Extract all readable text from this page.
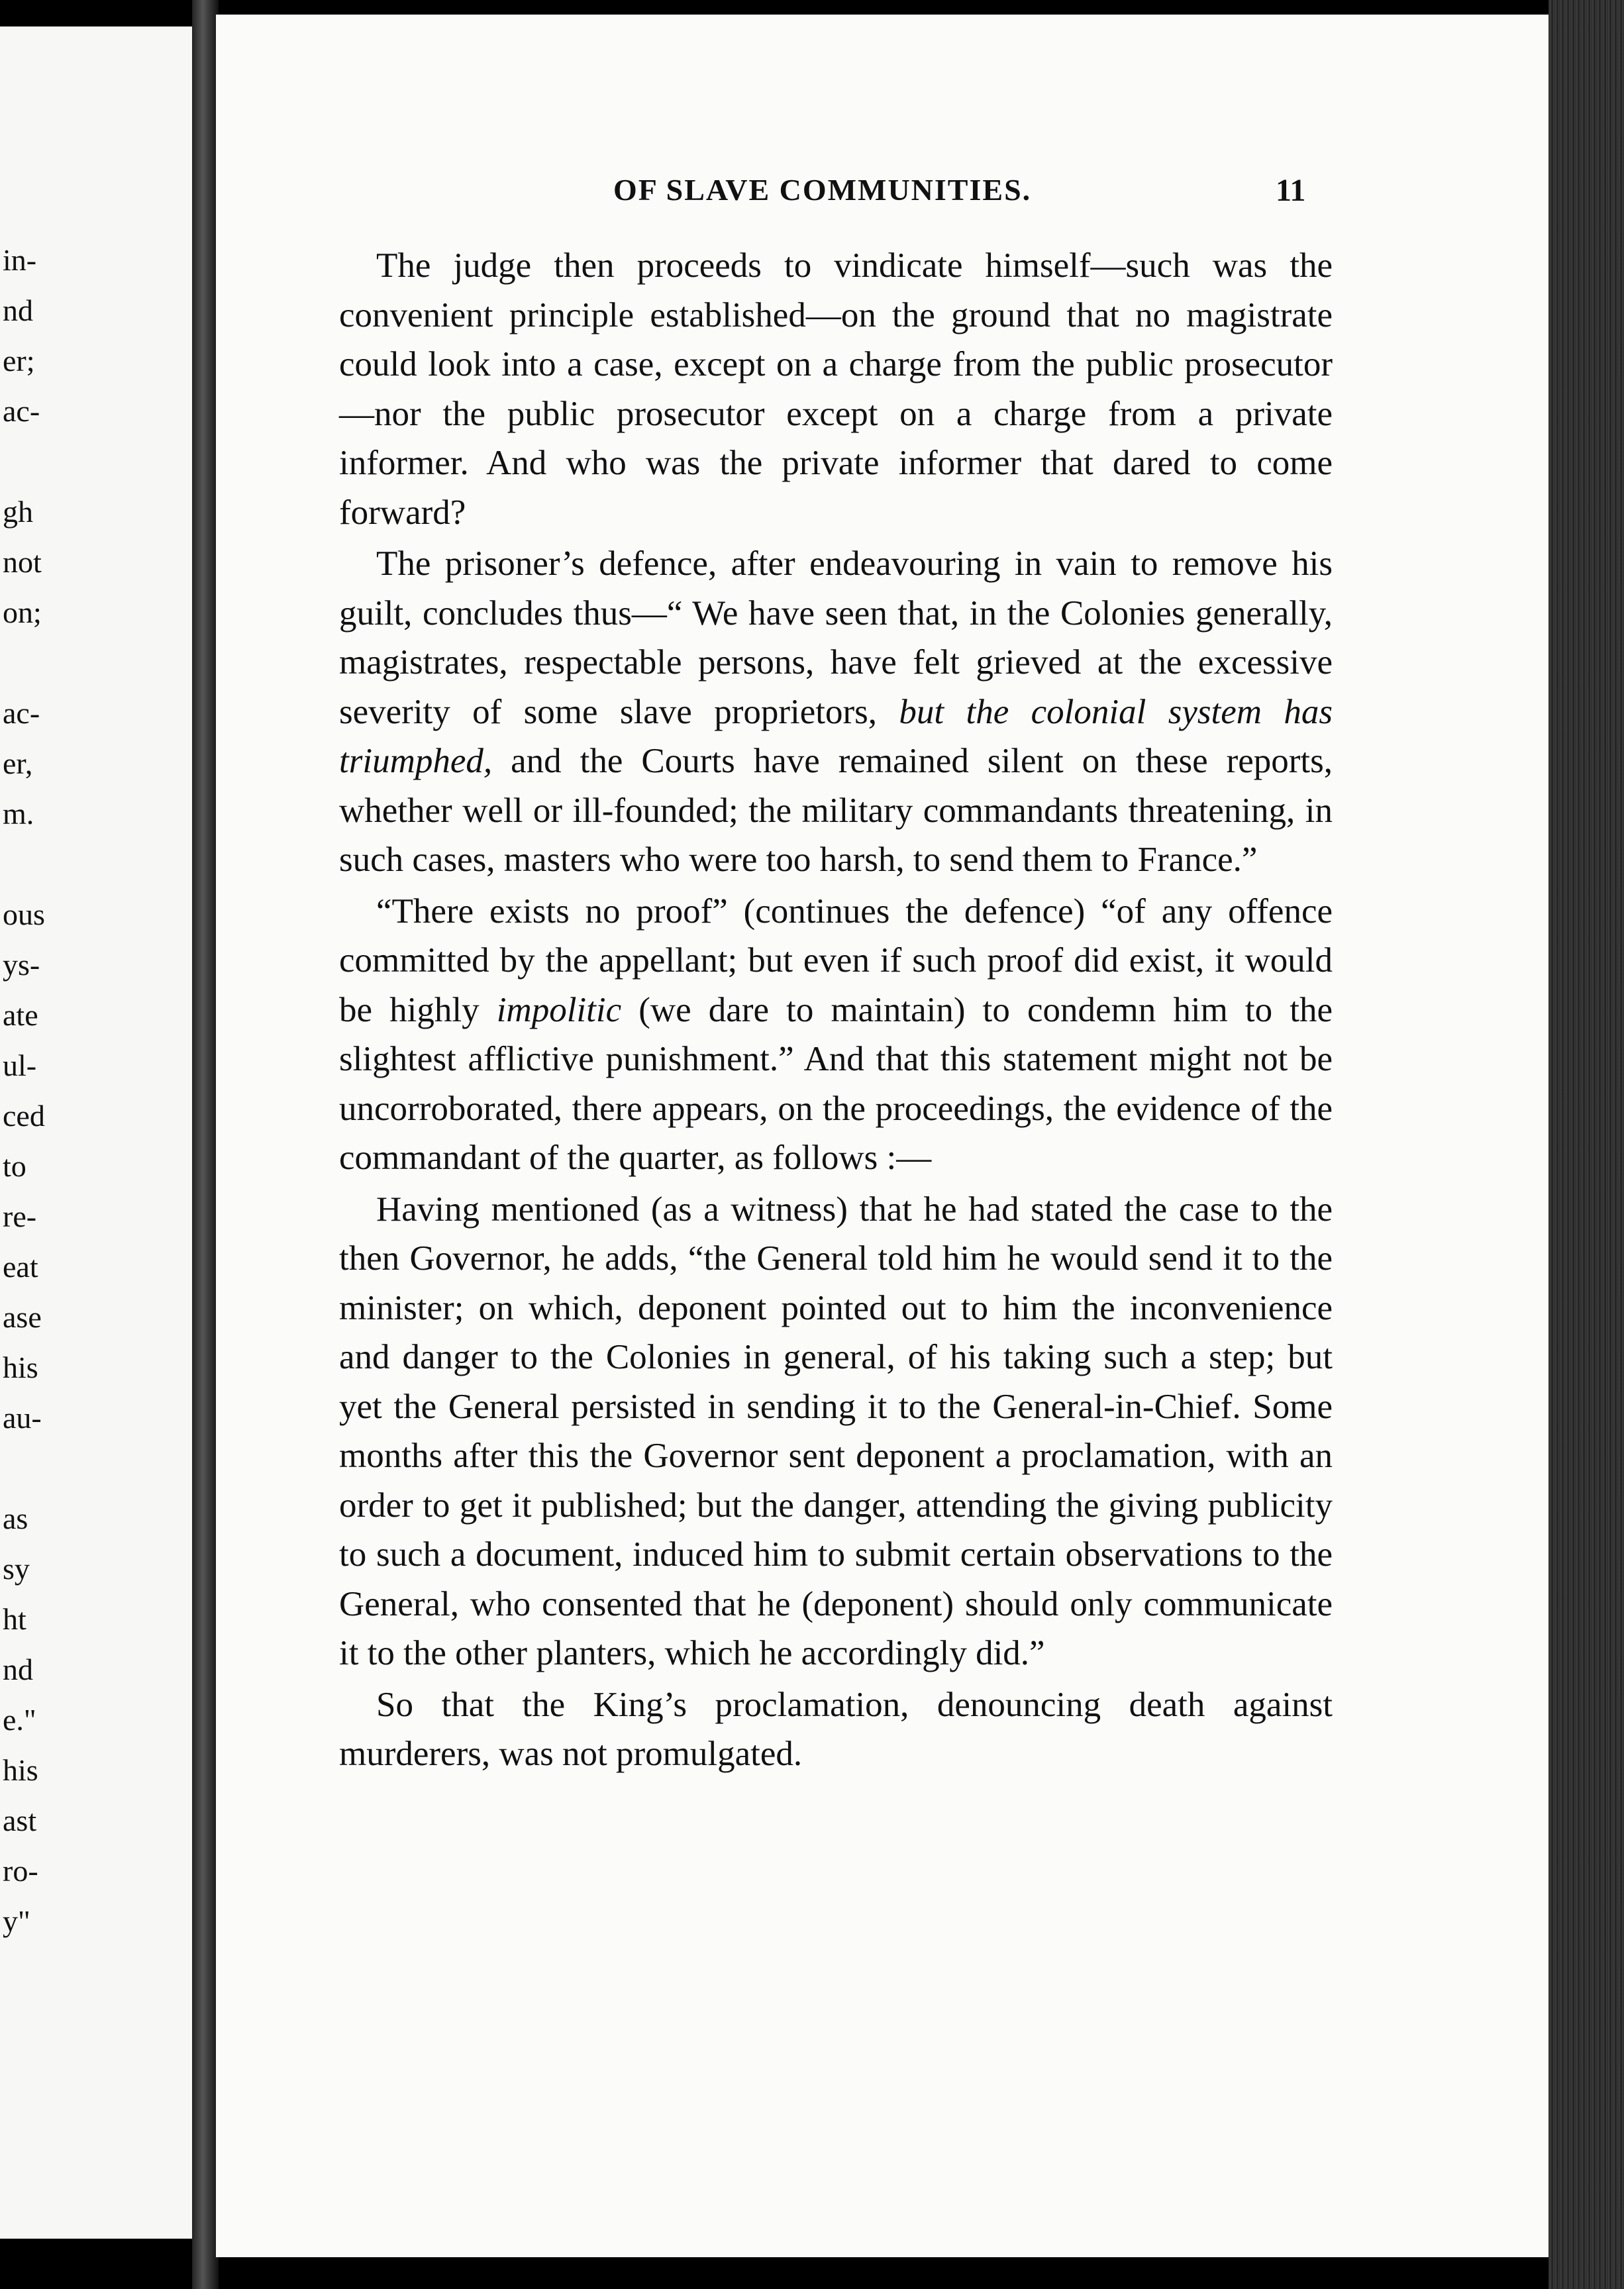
in-
nd
er;
ac-
gh
not
on;
ac-
er,
m.
ous
ys-
ate
ul-
ced
to
re-
eat
ase
his
au-
as
sy
ht
nd
e."
his
ast
ro-
y"
OF SLAVE COMMUNITIES.	11

The judge then proceeds to vindicate himself—such was the convenient principle established—on the ground that no magistrate could look into a case, except on a charge from the public prosecutor—nor the public prosecutor except on a charge from a private informer. And who was the private informer that dared to come forward?

The prisoner’s defence, after endeavouring in vain to remove his guilt, concludes thus—“ We have seen that, in the Colonies generally, magistrates, respectable persons, have felt grieved at the excessive severity of some slave proprietors, but the colonial system has triumphed, and the Courts have remained silent on these reports, whether well or ill-founded; the military commandants threatening, in such cases, masters who were too harsh, to send them to France.”

“There exists no proof” (continues the defence) “of any offence committed by the appellant; but even if such proof did exist, it would be highly impolitic (we dare to maintain) to condemn him to the slightest afflictive punishment.” And that this statement might not be uncorroborated, there appears, on the proceedings, the evidence of the commandant of the quarter, as follows :—

Having mentioned (as a witness) that he had stated the case to the then Governor, he adds, “the General told him he would send it to the minister; on which, deponent pointed out to him the inconvenience and danger to the Colonies in general, of his taking such a step; but yet the General persisted in sending it to the General-in-Chief. Some months after this the Governor sent deponent a proclamation, with an order to get it published; but the danger, attending the giving publicity to such a document, induced him to submit certain observations to the General, who consented that he (deponent) should only communicate it to the other planters, which he accordingly did.”

So that the King’s proclamation, denouncing death against murderers, was not promulgated.
